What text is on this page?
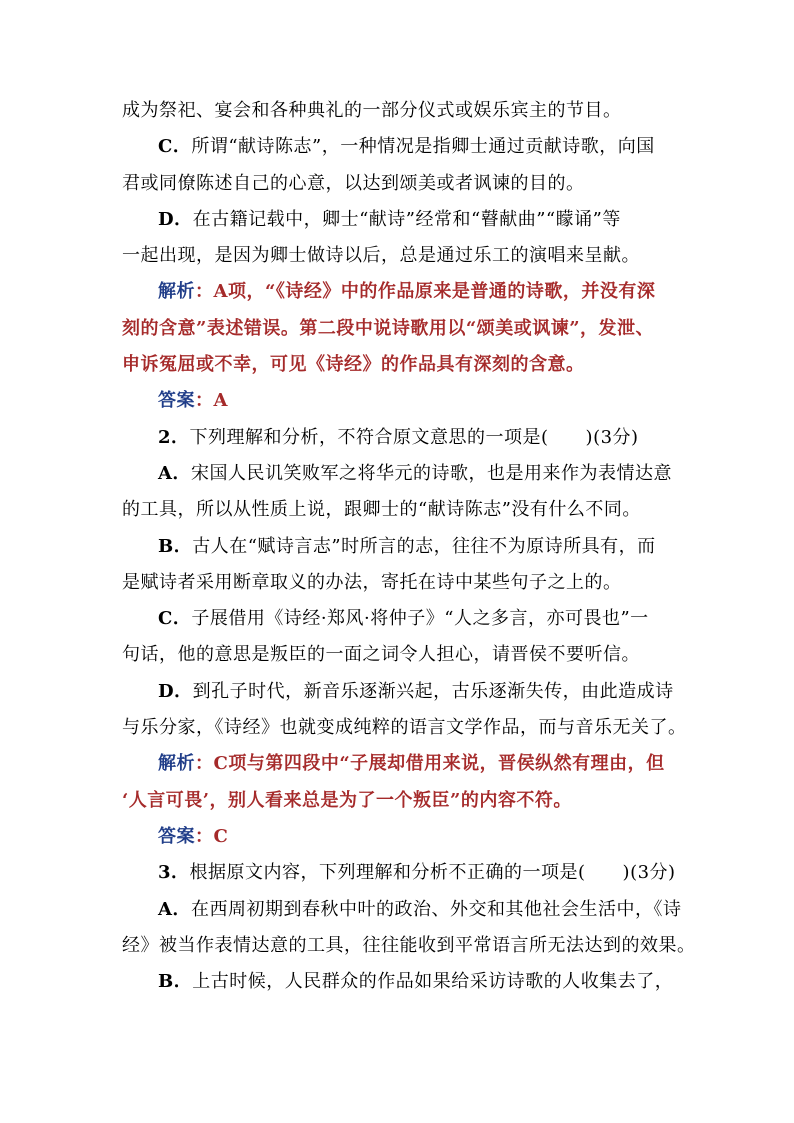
成为祭祀、宴会和各种典礼的一部分仪式或娱乐宾主的节目。
C．所谓“献诗陈志”，一种情况是指卿士通过贡献诗歌，向国
君或同僚陈述自己的心意，以达到颂美或者讽谏的目的。
D．在古籍记载中，卿士“献诗”经常和“瞽献曲”“矇诵”等
一起出现，是因为卿士做诗以后，总是通过乐工的演唱来呈献。
解析：A项，“《诗经》中的作品原来是普通的诗歌，并没有深
刻的含意”表述错误。第二段中说诗歌用以“颂美或讽谏”，发泄、
申诉冤屈或不幸，可见《诗经》的作品具有深刻的含意。
答案：A
2．下列理解和分析，不符合原文意思的一项是(　　)(3分)
A．宋国人民讥笑败军之将华元的诗歌，也是用来作为表情达意
的工具，所以从性质上说，跟卿士的“献诗陈志”没有什么不同。
B．古人在“赋诗言志”时所言的志，往往不为原诗所具有，而
是赋诗者采用断章取义的办法，寄托在诗中某些句子之上的。
C．子展借用《诗经·郑风·将仲子》“人之多言，亦可畏也”一
句话，他的意思是叛臣的一面之词令人担心，请晋侯不要听信。
D．到孔子时代，新音乐逐渐兴起，古乐逐渐失传，由此造成诗
与乐分家，《诗经》也就变成纯粹的语言文学作品，而与音乐无关了。
解析：C项与第四段中“子展却借用来说，晋侯纵然有理由，但
‘人言可畏’，别人看来总是为了一个叛臣”的内容不符。
答案：C
3．根据原文内容，下列理解和分析不正确的一项是(　　)(3分)
A．在西周初期到春秋中叶的政治、外交和其他社会生活中，《诗
经》被当作表情达意的工具，往往能收到平常语言所无法达到的效果。
B．上古时候，人民群众的作品如果给采访诗歌的人收集去了，
